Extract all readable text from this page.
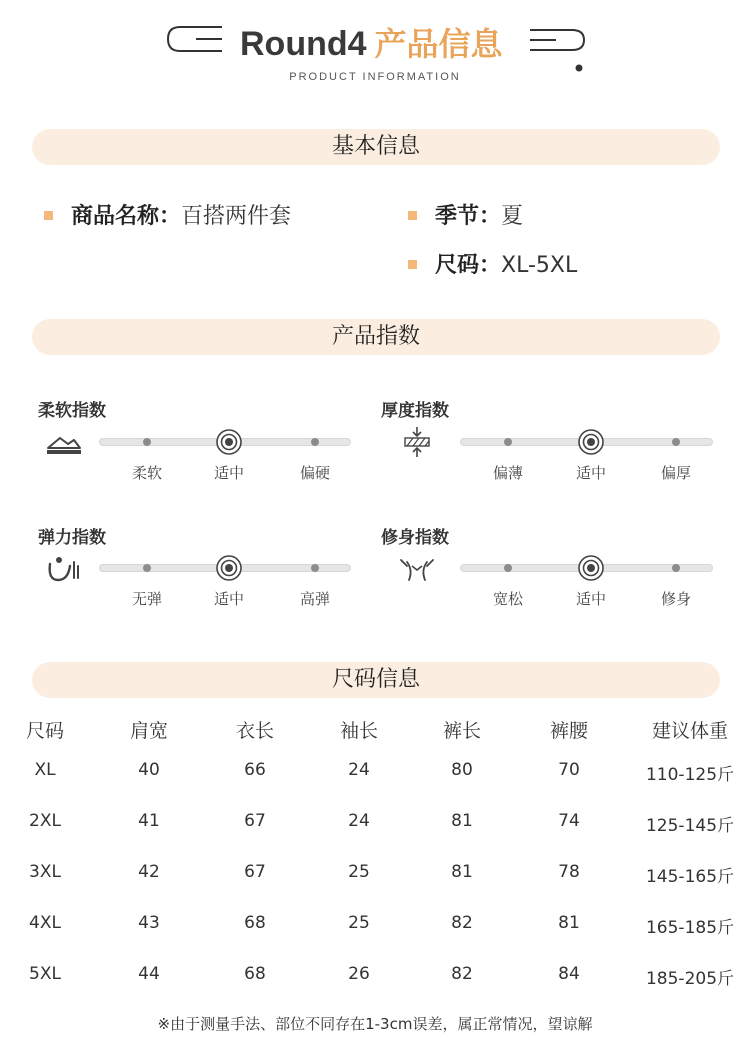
Round4 产品信息
PRODUCT INFORMATION
基本信息
商品名称：百搭两件套	季节：夏
尺码：XL-5XL
产品指数
柔软指数
柔软	适中	偏硬
厚度指数
偏薄	适中	偏厚
弹力指数
无弹	适中	高弹
修身指数
宽松	适中	修身
尺码信息
尺码	肩宽	衣长	袖长	裤长	裤腰	建议体重
XL	40	66	24	80	70	110-125斤
2XL	41	67	24	81	74	125-145斤
3XL	42	67	25	81	78	145-165斤
4XL	43	68	25	82	81	165-185斤
5XL	44	68	26	82	84	185-205斤
※由于测量手法、部位不同存在1-3cm误差，属正常情况，望谅解
